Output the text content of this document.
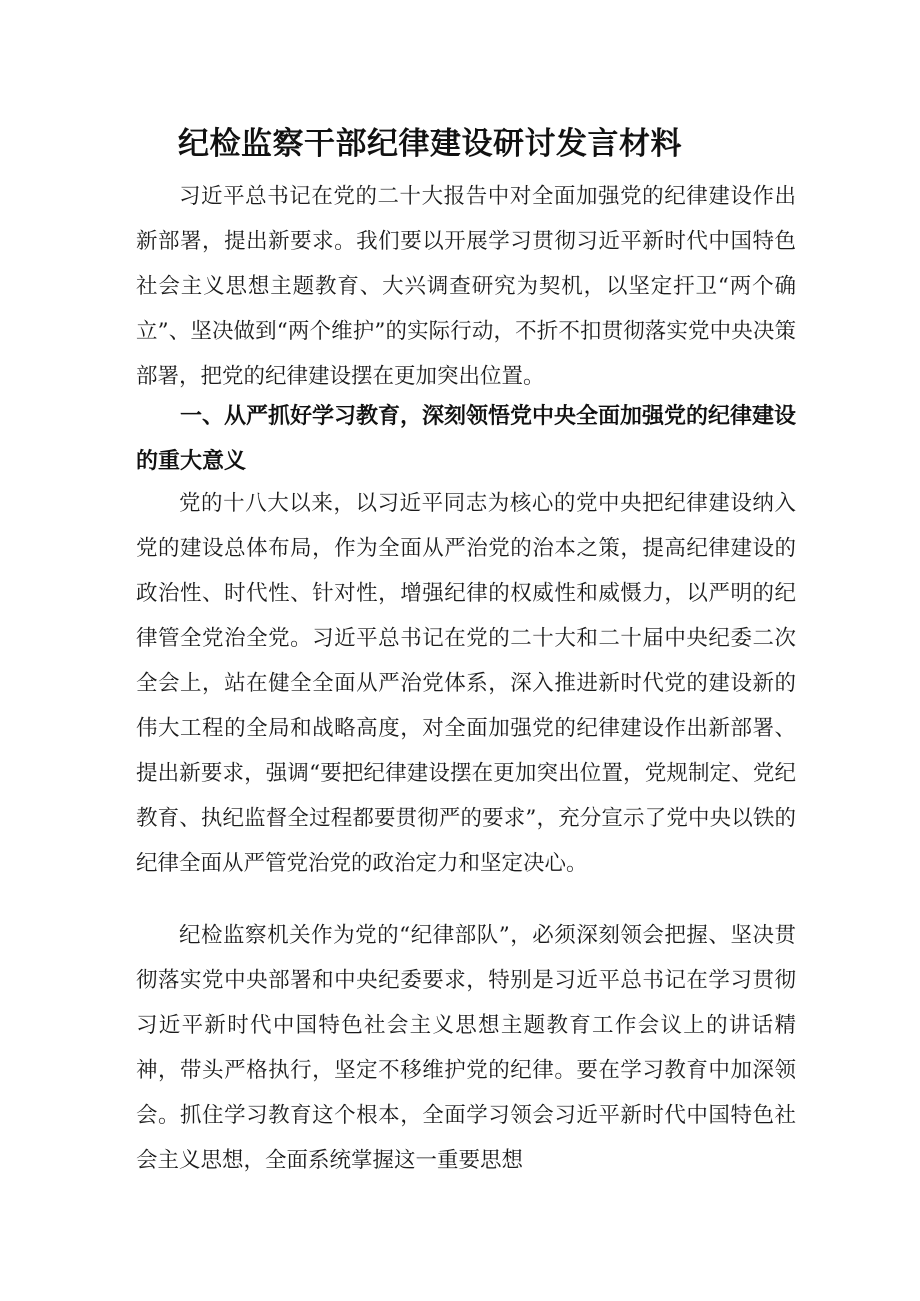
纪检监察干部纪律建设研讨发言材料

习近平总书记在党的二十大报告中对全面加强党的纪律建设作出新部署，提出新要求。我们要以开展学习贯彻习近平新时代中国特色社会主义思想主题教育、大兴调查研究为契机，以坚定扞卫“两个确立”、坚决做到“两个维护”的实际行动，不折不扣贯彻落实党中央决策部署，把党的纪律建设摆在更加突出位置。

一、从严抓好学习教育，深刻领悟党中央全面加强党的纪律建设的重大意义

党的十八大以来，以习近平同志为核心的党中央把纪律建设纳入党的建设总体布局，作为全面从严治党的治本之策，提高纪律建设的政治性、时代性、针对性，增强纪律的权威性和威慑力，以严明的纪律管全党治全党。习近平总书记在党的二十大和二十届中央纪委二次全会上，站在健全全面从严治党体系，深入推进新时代党的建设新的伟大工程的全局和战略高度，对全面加强党的纪律建设作出新部署、提出新要求，强调“要把纪律建设摆在更加突出位置，党规制定、党纪教育、执纪监督全过程都要贯彻严的要求”，充分宣示了党中央以铁的纪律全面从严管党治党的政治定力和坚定决心。

纪检监察机关作为党的“纪律部队”，必须深刻领会把握、坚决贯彻落实党中央部署和中央纪委要求，特别是习近平总书记在学习贯彻习近平新时代中国特色社会主义思想主题教育工作会议上的讲话精神，带头严格执行，坚定不移维护党的纪律。要在学习教育中加深领会。抓住学习教育这个根本，全面学习领会习近平新时代中国特色社会主义思想，全面系统掌握这一重要思想
